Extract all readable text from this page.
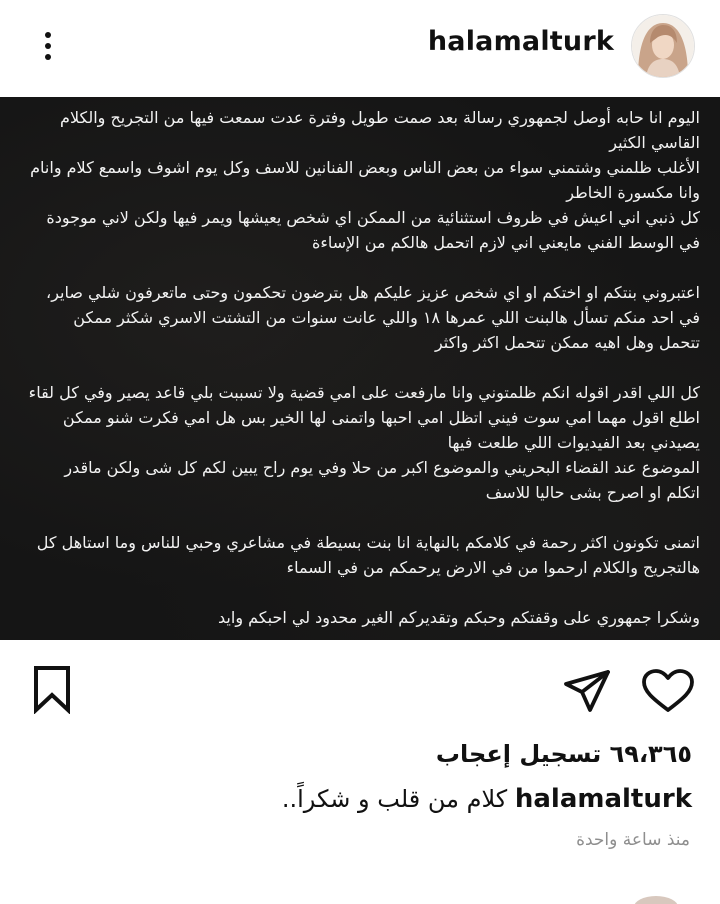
halamalturk
اليوم انا حابه أوصل لجمهوري رسالة بعد صمت طويل وفترة عدت سمعت فيها من التجريح والكلام
القاسي الكثير
الأغلب ظلمني وشتمني سواء من بعض الناس وبعض الفنانين للاسف وكل يوم اشوف واسمع كلام وانام
وانا مكسورة الخاطر
كل ذنبي اني اعيش في ظروف استثنائية من الممكن اي شخص يعيشها ويمر فيها ولكن لاني موجودة
في الوسط الفني مايعني اني لازم اتحمل هالكم من الإساءة
اعتبروني بنتكم او اختكم او اي شخص عزيز عليكم هل بترضون تحكمون وحتى ماتعرفون شلي صاير،
في احد منكم تسأل هالبنت اللي عمرها ١٨ واللي عانت سنوات من التشتت الاسري شكثر ممكن
تتحمل وهل اهيه ممكن تتحمل اكثر واكثر
كل اللي اقدر اقوله انكم ظلمتوني وانا مارفعت على امي قضية ولا تسببت بلي قاعد يصير وفي كل لقاء
اطلع اقول مهما امي سوت فيني اتظل امي احبها واتمنى لها الخير بس هل امي فكرت شنو ممكن
يصيدني بعد الفيديوات اللي طلعت فيها
الموضوع عند القضاء البحريني والموضوع اكبر من حلا وفي يوم راح يبين لكم كل شى ولكن ماقدر
اتكلم او اصرح بشى حاليا للاسف
اتمنى تكونون اكثر رحمة في كلامكم بالنهاية انا بنت بسيطة في مشاعري وحبي للناس وما استاهل كل
هالتجريح والكلام ارحموا من في الارض يرحمكم من في السماء
وشكرا جمهوري على وقفتكم وحبكم وتقديركم الغير محدود لي احبكم وايد
٦٩،٣٦٥ تسجيل إعجاب
halamalturk كلام من قلب و شكراً..
منذ ساعة واحدة
